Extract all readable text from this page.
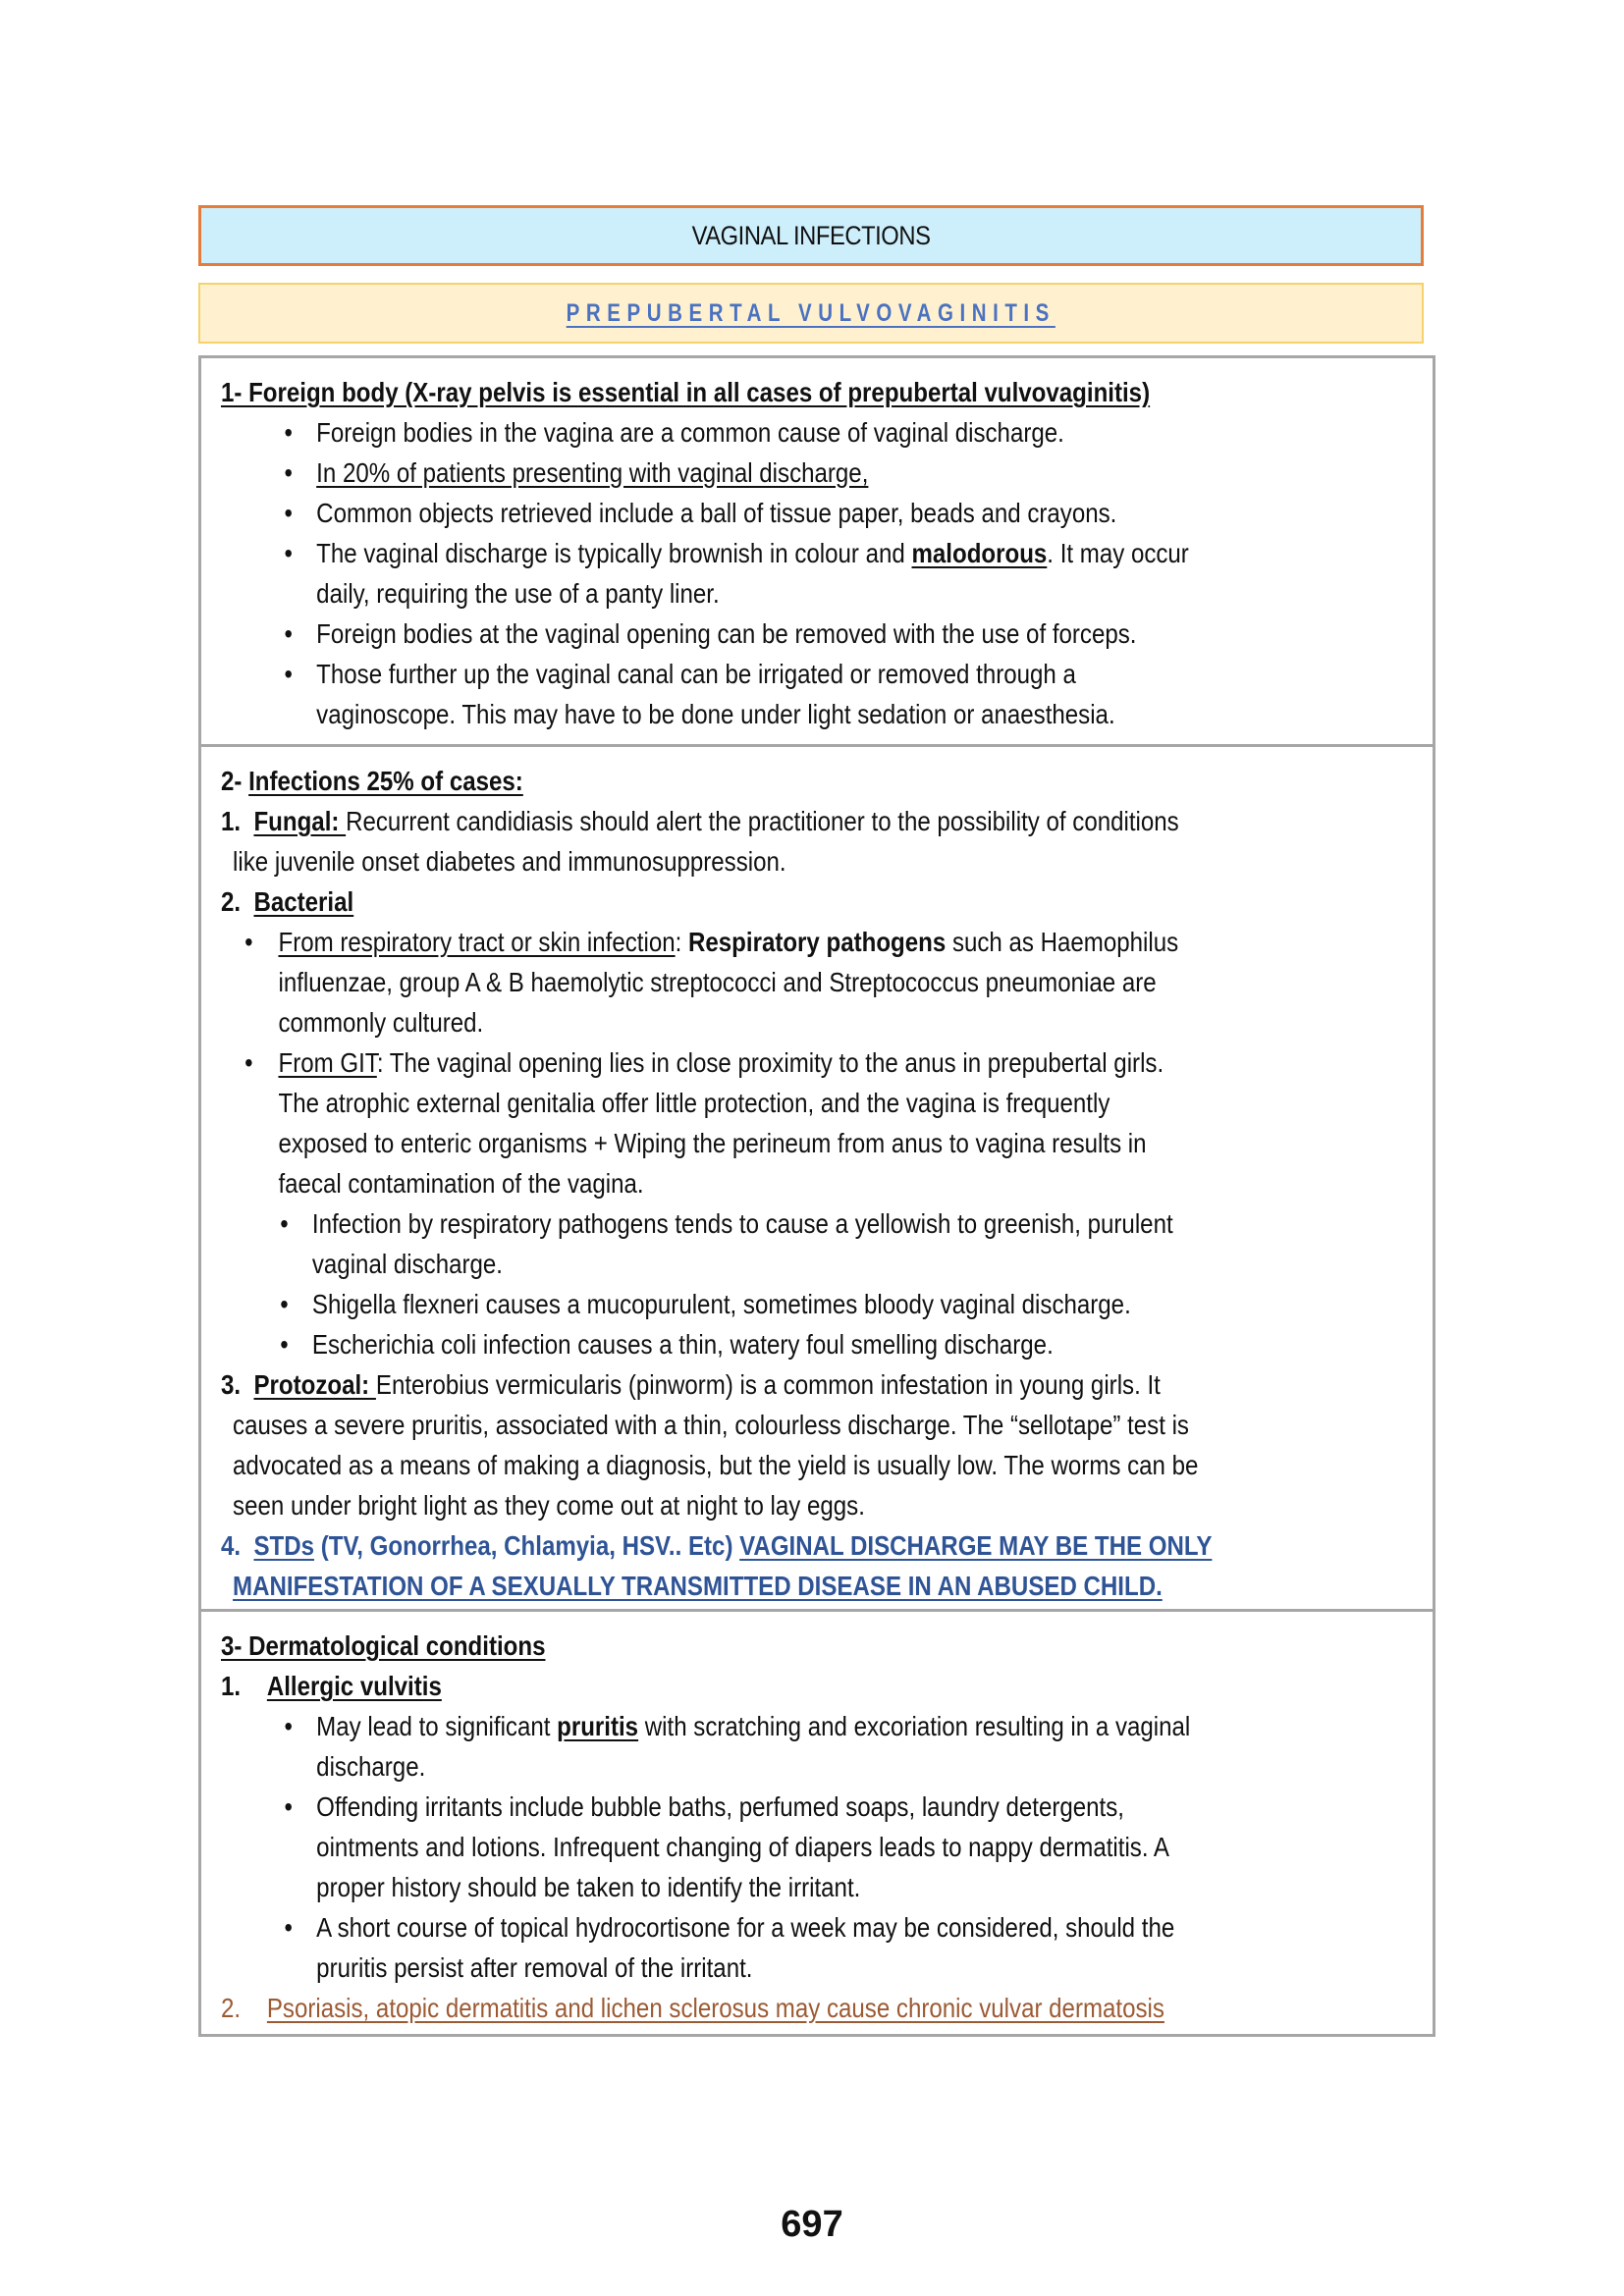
VAGINAL INFECTIONS
PREPUBERTAL VULVOVAGINITIS
1- Foreign body (X-ray pelvis is essential in all cases of prepubertal vulvovaginitis)
• Foreign bodies in the vagina are a common cause of vaginal discharge.
• In 20% of patients presenting with vaginal discharge,
• Common objects retrieved include a ball of tissue paper, beads and crayons.
• The vaginal discharge is typically brownish in colour and malodorous. It may occur
daily, requiring the use of a panty liner.
• Foreign bodies at the vaginal opening can be removed with the use of forceps.
• Those further up the vaginal canal can be irrigated or removed through a
vaginoscope. This may have to be done under light sedation or anaesthesia.
2- Infections 25% of cases:
1. Fungal: Recurrent candidiasis should alert the practitioner to the possibility of conditions
like juvenile onset diabetes and immunosuppression.
2. Bacterial
• From respiratory tract or skin infection: Respiratory pathogens such as Haemophilus
influenzae, group A & B haemolytic streptococci and Streptococcus pneumoniae are
commonly cultured.
• From GIT: The vaginal opening lies in close proximity to the anus in prepubertal girls.
The atrophic external genitalia offer little protection, and the vagina is frequently
exposed to enteric organisms + Wiping the perineum from anus to vagina results in
faecal contamination of the vagina.
• Infection by respiratory pathogens tends to cause a yellowish to greenish, purulent
vaginal discharge.
• Shigella flexneri causes a mucopurulent, sometimes bloody vaginal discharge.
• Escherichia coli infection causes a thin, watery foul smelling discharge.
3. Protozoal: Enterobius vermicularis (pinworm) is a common infestation in young girls. It
causes a severe pruritis, associated with a thin, colourless discharge. The “sellotape” test is
advocated as a means of making a diagnosis, but the yield is usually low. The worms can be
seen under bright light as they come out at night to lay eggs.
4. STDs (TV, Gonorrhea, Chlamyia, HSV.. Etc) VAGINAL DISCHARGE MAY BE THE ONLY
MANIFESTATION OF A SEXUALLY TRANSMITTED DISEASE IN AN ABUSED CHILD.
3- Dermatological conditions
1. Allergic vulvitis
• May lead to significant pruritis with scratching and excoriation resulting in a vaginal
discharge.
• Offending irritants include bubble baths, perfumed soaps, laundry detergents,
ointments and lotions. Infrequent changing of diapers leads to nappy dermatitis. A
proper history should be taken to identify the irritant.
• A short course of topical hydrocortisone for a week may be considered, should the
pruritis persist after removal of the irritant.
2. Psoriasis, atopic dermatitis and lichen sclerosus may cause chronic vulvar dermatosis
697
